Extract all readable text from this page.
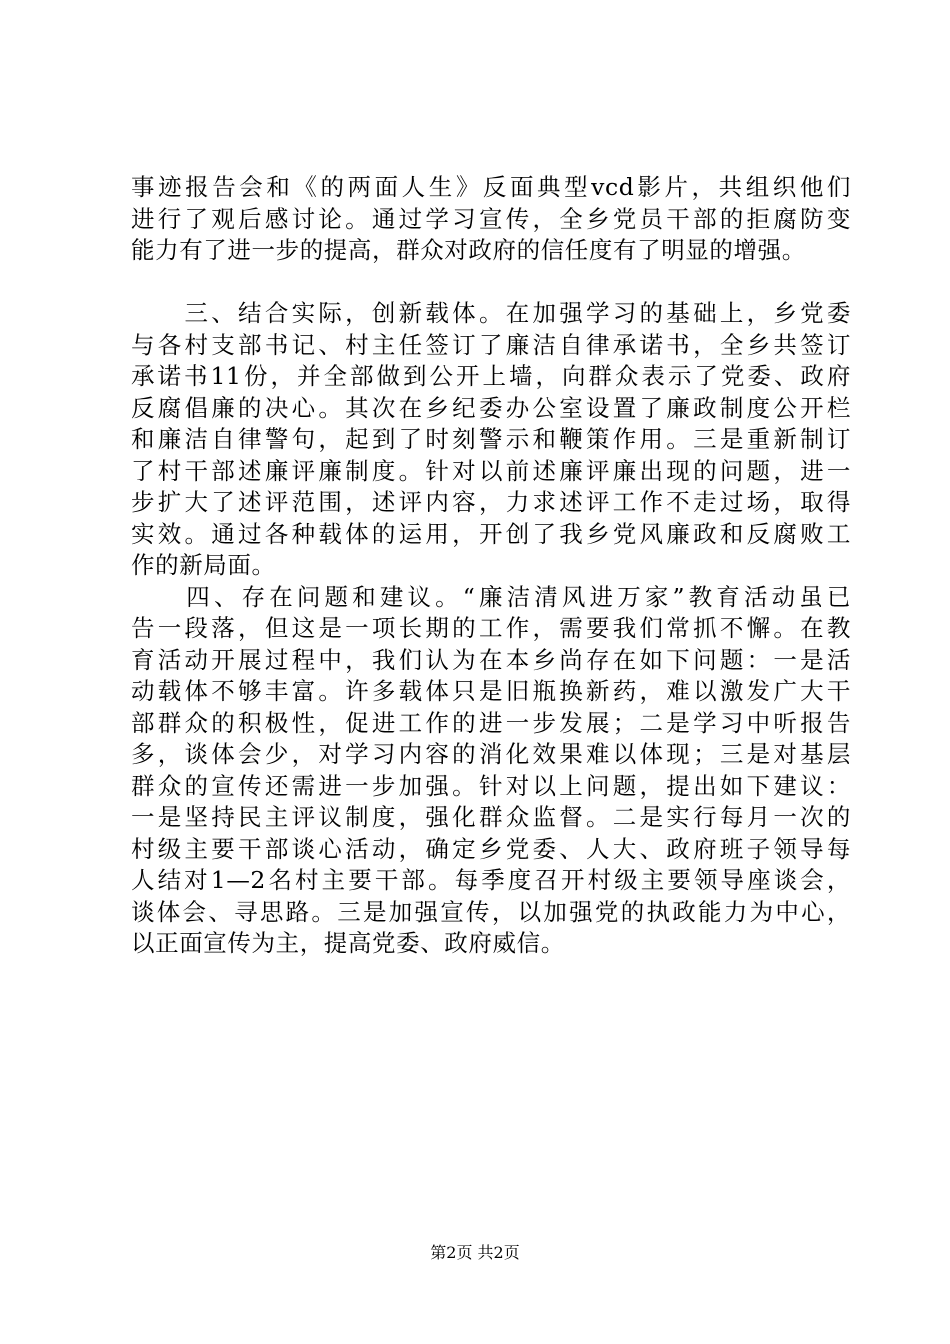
事迹报告会和《的两面人生》反面典型vcd影片，共组织他们
进行了观后感讨论。通过学习宣传，全乡党员干部的拒腐防变
能力有了进一步的提高，群众对政府的信任度有了明显的增强。
　　三、结合实际，创新载体。在加强学习的基础上，乡党委
与各村支部书记、村主任签订了廉洁自律承诺书，全乡共签订
承诺书11份，并全部做到公开上墙，向群众表示了党委、政府
反腐倡廉的决心。其次在乡纪委办公室设置了廉政制度公开栏
和廉洁自律警句，起到了时刻警示和鞭策作用。三是重新制订
了村干部述廉评廉制度。针对以前述廉评廉出现的问题，进一
步扩大了述评范围，述评内容，力求述评工作不走过场，取得
实效。通过各种载体的运用，开创了我乡党风廉政和反腐败工
作的新局面。
　　四、存在问题和建议。“廉洁清风进万家”教育活动虽已
告一段落，但这是一项长期的工作，需要我们常抓不懈。在教
育活动开展过程中，我们认为在本乡尚存在如下问题：一是活
动载体不够丰富。许多载体只是旧瓶换新药，难以激发广大干
部群众的积极性，促进工作的进一步发展；二是学习中听报告
多，谈体会少，对学习内容的消化效果难以体现；三是对基层
群众的宣传还需进一步加强。针对以上问题，提出如下建议：
一是坚持民主评议制度，强化群众监督。二是实行每月一次的
村级主要干部谈心活动，确定乡党委、人大、政府班子领导每
人结对1—2名村主要干部。每季度召开村级主要领导座谈会，
谈体会、寻思路。三是加强宣传，以加强党的执政能力为中心，
以正面宣传为主，提高党委、政府威信。
第2页 共2页
